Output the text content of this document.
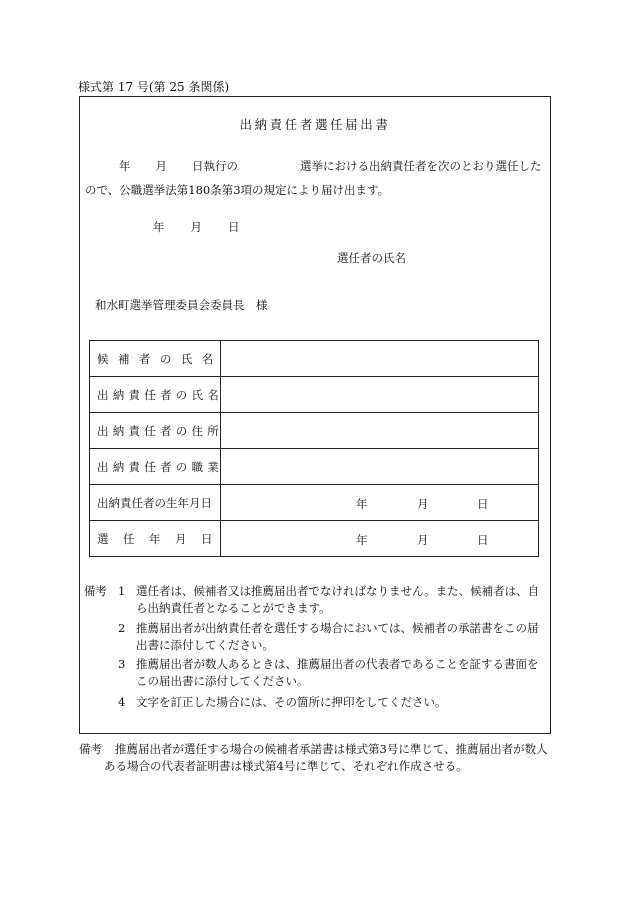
様式第 17 号(第 25 条関係)
出納責任者選任届出書
年 月 日執行の	選挙における出納責任者を次のとおり選任した
ので、公職選挙法第180条第3項の規定により届け出ます。
年 月 日
選任者の氏名
和水町選挙管理委員会委員長　様
候 補 者 の 氏 名	
出 納 責 任 者 の 氏 名	
出 納 責 任 者 の 住 所	
出 納 責 任 者 の 職 業	
出納責任者の生年月日	年 月 日

選　任　年　月　日	年 月 日
備考 1 選任者は、候補者又は推薦届出者でなければなりません。また、候補者は、自ら出納責任者となることができます。
2 推薦届出者が出納責任者を選任する場合においては、候補者の承諾書をこの届出書に添付してください。
3 推薦届出者が数人あるときは、推薦届出者の代表者であることを証する書面をこの届出書に添付してください。
4 文字を訂正した場合には、その箇所に押印をしてください。
備考 推薦届出者が選任する場合の候補者承諾書は様式第3号に準じて、推薦届出者が数人
ある場合の代表者証明書は様式第4号に準じて、それぞれ作成させる。
